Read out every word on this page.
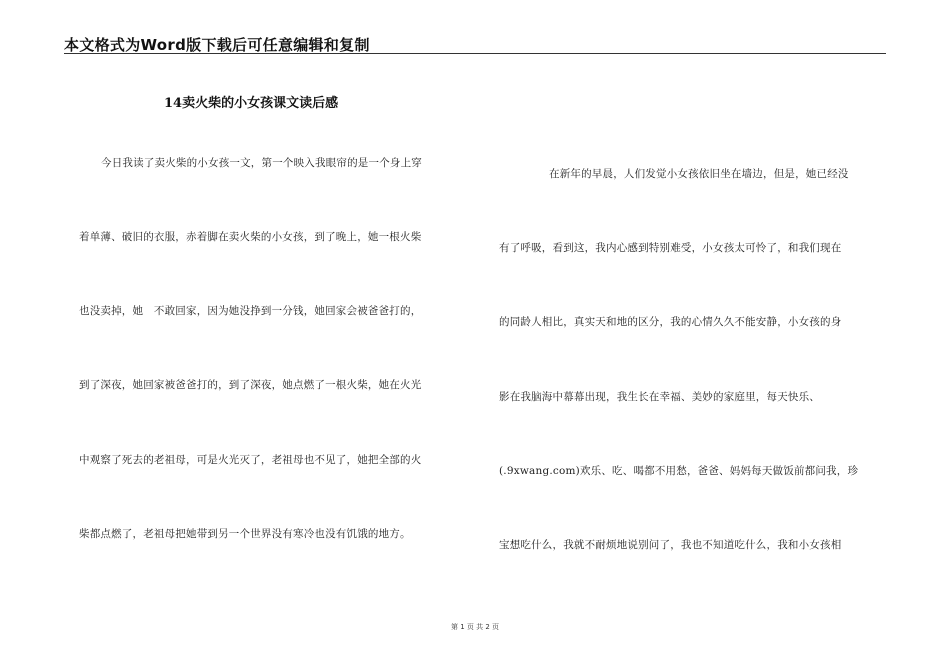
本文格式为Word版下载后可任意编辑和复制
14卖火柴的小女孩课文读后感
今日我读了卖火柴的小女孩一文，第一个映入我眼帘的是一个身上穿
着单薄、破旧的衣服，赤着脚在卖火柴的小女孩，到了晚上，她一根火柴
也没卖掉，她　不敢回家，因为她没挣到一分钱，她回家会被爸爸打的，
到了深夜，她回家被爸爸打的，到了深夜，她点燃了一根火柴，她在火光
中观察了死去的老祖母，可是火光灭了，老祖母也不见了，她把全部的火
柴都点燃了，老祖母把她带到另一个世界没有寒冷也没有饥饿的地方。
在新年的早晨，人们发觉小女孩依旧坐在墙边，但是，她已经没
有了呼吸，看到这，我内心感到特别难受，小女孩太可怜了，和我们现在
的同龄人相比，真实天和地的区分，我的心情久久不能安静，小女孩的身
影在我脑海中幕幕出现，我生长在幸福、美妙的家庭里，每天快乐、
(.9xwang.com)欢乐、吃、喝都不用愁，爸爸、妈妈每天做饭前都问我，珍
宝想吃什么，我就不耐烦地说别问了，我也不知道吃什么，我和小女孩相
第 1 页 共 2 页
